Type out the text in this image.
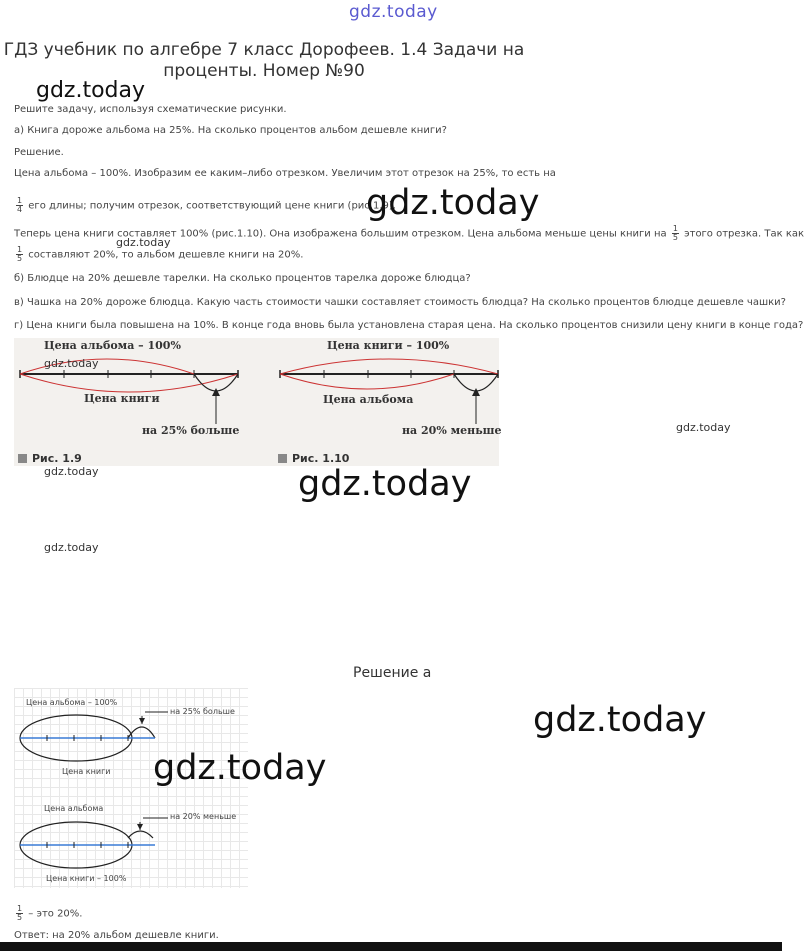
gdz.today
ГДЗ учебник по алгебре 7 класс Дорофеев. 1.4 Задачи на проценты. Номер №90
gdz.today
Решите задачу, используя схематические рисунки.
а) Книга дороже альбома на 25%. На сколько процентов альбом дешевле книги?
Решение.
Цена альбома – 100%. Изобразим ее каким–либо отрезком. Увеличим этот отрезок на 25%, то есть на
$\frac{1}{4}$ его длины; получим отрезок, соответствующий цене книги (рис.1.9).
gdz.today
Теперь цена книги составляет 100% (рис.1.10). Она изображена большим отрезком. Цена альбома меньше цены книги на $\frac{1}{5}$ этого отрезка. Так как
gdz.today
$\frac{1}{5}$ составляют 20%, то альбом дешевле книги на 20%.
б) Блюдце на 20% дешевле тарелки. На сколько процентов тарелка дороже блюдца?
в) Чашка на 20% дороже блюдца. Какую часть стоимости чашки составляет стоимость блюдца? На сколько процентов блюдце дешевле чашки?
г) Цена книги была повышена на 10%. В конце года вновь была установлена старая цена. На сколько процентов снизили цену книги в конце года?
Цена альбома – 100%
gdz.today
Цена книги
на 25% больше
Рис. 1.9
Цена книги – 100%
Цена альбома
на 20% меньше
Рис. 1.10
gdz.today
gdz.today	gdz.today
gdz.today
Решение а
Цена альбома – 100%
на 25% больше
Цена книги
Цена альбома
на 20% меньше
Цена книги – 100%
gdz.today
gdz.today
$\frac{1}{5}$ – это 20%.
Ответ: на 20% альбом дешевле книги.
